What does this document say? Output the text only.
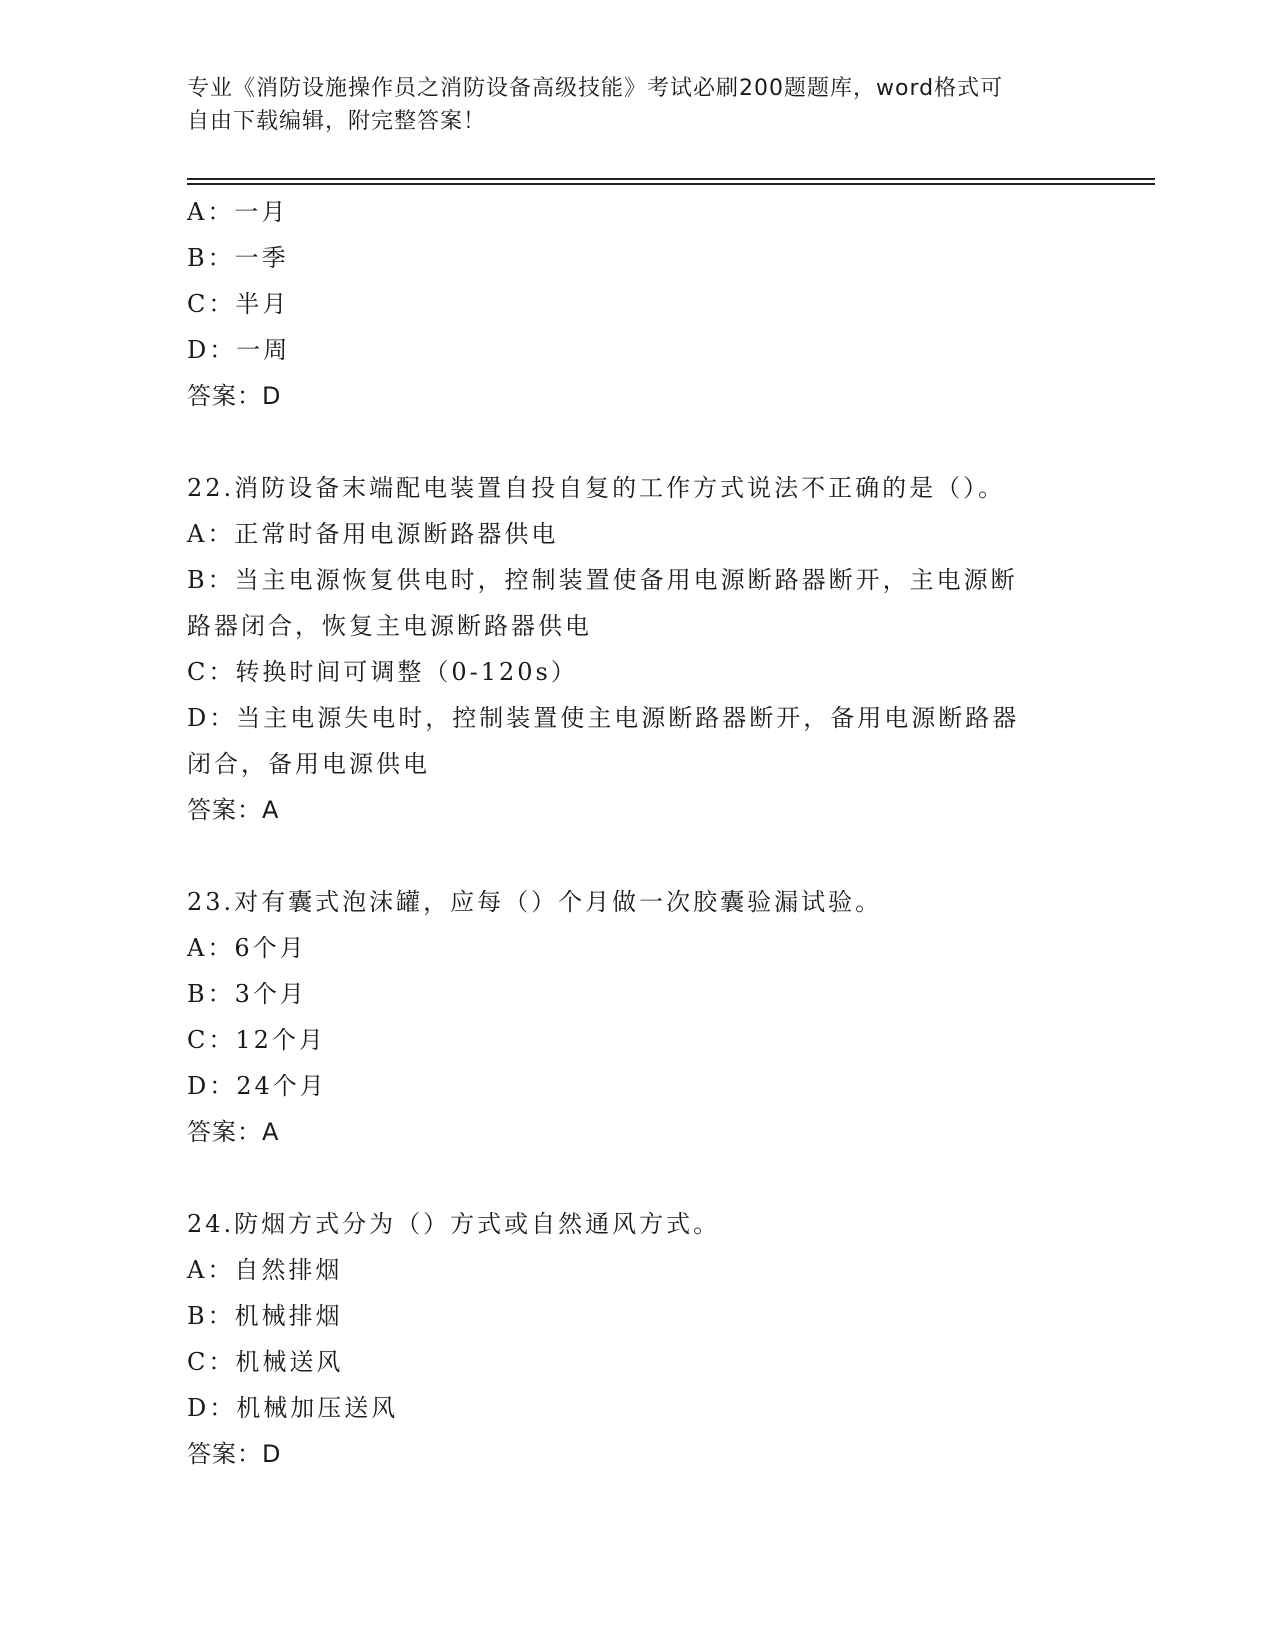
专业《消防设施操作员之消防设备高级技能》考试必刷200题题库，word格式可
自由下载编辑，附完整答案！
A：一月
B：一季
C：半月
D：一周
答案：D
22.消防设备末端配电装置自投自复的工作方式说法不正确的是（）。
A：正常时备用电源断路器供电
B：当主电源恢复供电时，控制装置使备用电源断路器断开，主电源断
路器闭合，恢复主电源断路器供电
C：转换时间可调整（0-120s）
D：当主电源失电时，控制装置使主电源断路器断开，备用电源断路器
闭合，备用电源供电
答案：A
23.对有囊式泡沫罐，应每（）个月做一次胶囊验漏试验。
A：6个月
B：3个月
C：12个月
D：24个月
答案：A
24.防烟方式分为（）方式或自然通风方式。
A：自然排烟
B：机械排烟
C：机械送风
D：机械加压送风
答案：D
